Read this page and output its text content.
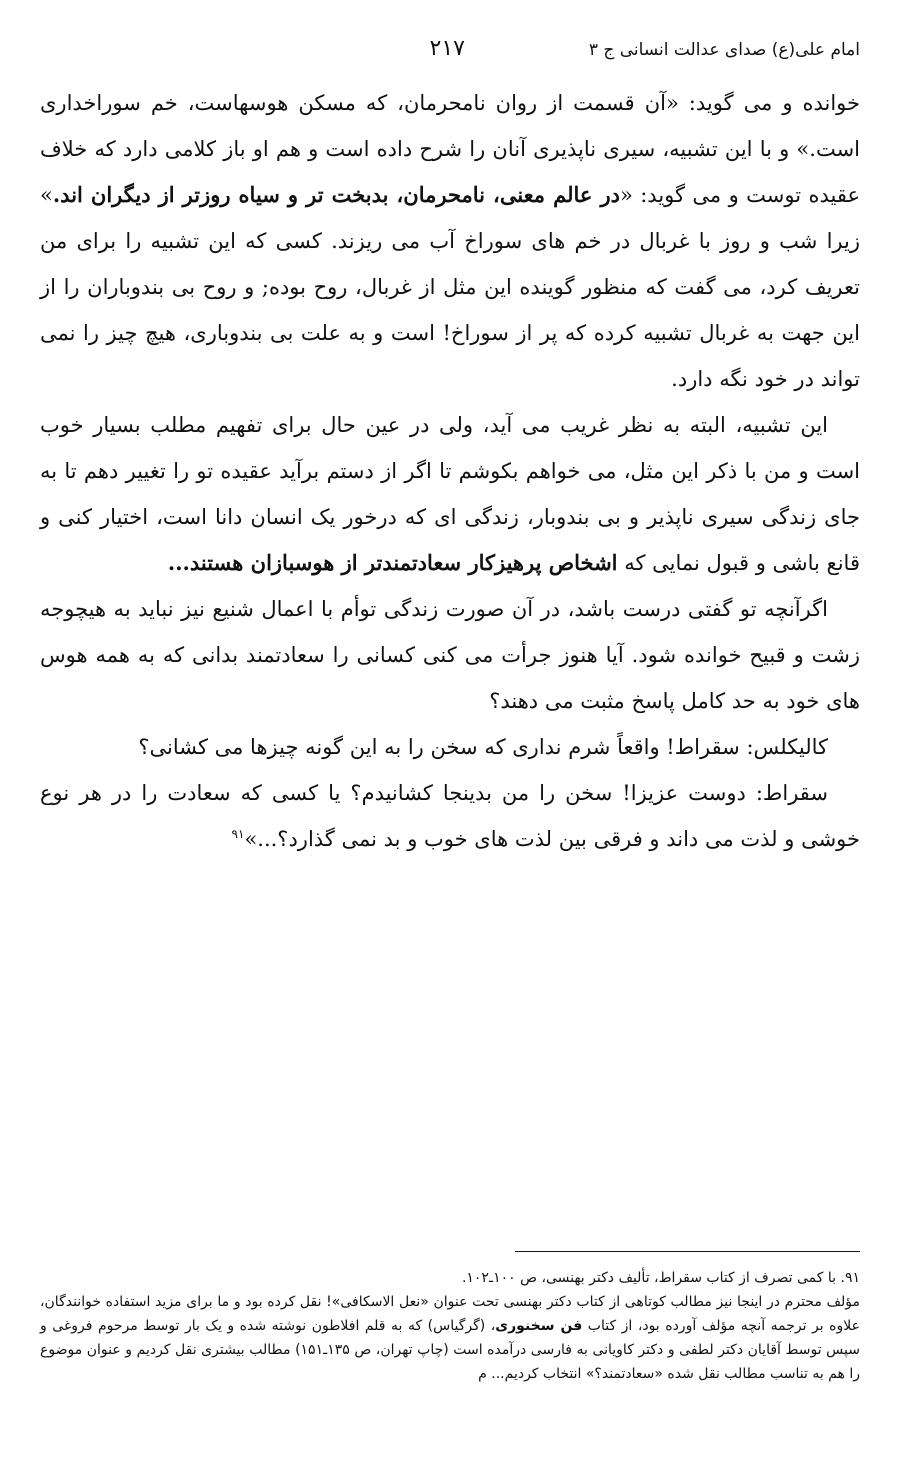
امام علی(ع) صدای عدالت انسانی ج ۳
۲۱۷

خوانده و می گوید: «آن قسمت از روان نامحرمان، که مسکن هوسهاست، خم سوراخداری است.» و با این تشبیه، سیری ناپذیری آنان را شرح داده است و هم او باز کلامی دارد که خلاف عقیده توست و می گوید: «در عالم معنی، نامحرمان، بدبخت تر و سیاه روزتر از دیگران اند.» زیرا شب و روز با غربال در خم های سوراخ آب می ریزند. کسی که این تشبیه را برای من تعریف کرد، می گفت که منظور گوینده این مثل از غربال، روح بوده; و روح بی بندوباران را از این جهت به غربال تشبیه کرده که پر از سوراخ! است و به علت بی بندوباری، هیچ چیز را نمی تواند در خود نگه دارد.

این تشبیه، البته به نظر غریب می آید، ولی در عین حال برای تفهیم مطلب بسیار خوب است و من با ذکر این مثل، می خواهم بکوشم تا اگر از دستم برآید عقیده تو را تغییر دهم تا به جای زندگی سیری ناپذیر و بی بندوبار، زندگی ای که درخور یک انسان دانا است، اختیار کنی و قانع باشی و قبول نمایی که اشخاص پرهیزکار سعادتمندتر از هوسبازان هستند...

اگرآنچه تو گفتی درست باشد، در آن صورت زندگی توأم با اعمال شنیع نیز نباید به هیچوجه زشت و قبیح خوانده شود. آیا هنوز جرأت می کنی کسانی را سعادتمند بدانی که به همه هوس های خود به حد کامل پاسخ مثبت می دهند؟

کالیکلس: سقراط! واقعاً شرم نداری که سخن را به این گونه چیزها می کشانی؟

سقراط: دوست عزیزا! سخن را من بدینجا کشانیدم؟ یا کسی که سعادت را در هر نوع خوشی و لذت می داند و فرقی بین لذت های خوب و بد نمی گذارد؟...»$^{۹۱}$

۹۱. با کمی تصرف از کتاب سقراط، تألیف دکتر بهنسی، ص ۱۰۰ـ۱۰۲.

مؤلف محترم در اینجا نیز مطالب کوتاهی از کتاب دکتر بهنسی تحت عنوان «نعل الاسکافی»! نقل کرده بود و ما برای مزید استفاده خوانندگان، علاوه بر ترجمه آنچه مؤلف آورده بود، از کتاب فن سخنوری، (گرگیاس) که به قلم افلاطون نوشته شده و یک بار توسط مرحوم فروغی و سپس توسط آقایان دکتر لطفی و دکتر کاویانی به فارسی درآمده است (چاپ تهران، ص ۱۳۵ـ۱۵۱) مطالب بیشتری نقل کردیم و عنوان موضوع را هم به تناسب مطالب نقل شده «سعادتمند؟» انتخاب کردیم... م
